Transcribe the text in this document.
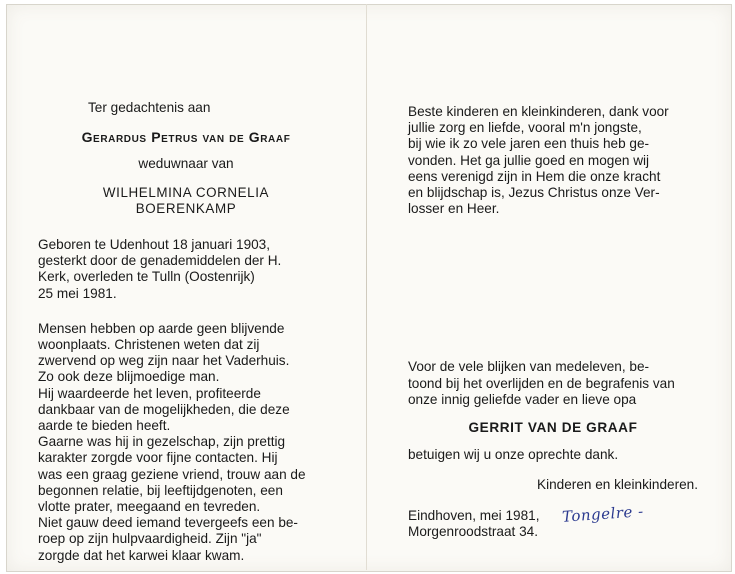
Ter gedachtenis aan

Gerardus Petrus van de Graaf

weduwnaar van

WILHELMINA CORNELIA

BOERENKAMP

Geboren te Udenhout 18 januari 1903,

gesterkt door de genademiddelen der H.

Kerk, overleden te Tulln (Oostenrijk)

25 mei 1981.

Mensen hebben op aarde geen blijvende

woonplaats. Christenen weten dat zij

zwervend op weg zijn naar het Vaderhuis.

Zo ook deze blijmoedige man.

Hij waardeerde het leven, profiteerde

dankbaar van de mogelijkheden, die deze

aarde te bieden heeft.

Gaarne was hij in gezelschap, zijn prettig

karakter zorgde voor fijne contacten. Hij

was een graag geziene vriend, trouw aan de

begonnen relatie, bij leeftijdgenoten, een

vlotte prater, meegaand en tevreden.

Niet gauw deed iemand tevergeefs een be-

roep op zijn hulpvaardigheid. Zijn "ja"

zorgde dat het karwei klaar kwam.

Beste kinderen en kleinkinderen, dank voor

jullie zorg en liefde, vooral m'n jongste,

bij wie ik zo vele jaren een thuis heb ge-

vonden. Het ga jullie goed en mogen wij

eens verenigd zijn in Hem die onze kracht

en blijdschap is, Jezus Christus onze Ver-

losser en Heer.

Voor de vele blijken van medeleven, be-

toond bij het overlijden en de begrafenis van

onze innig geliefde vader en lieve opa

GERRIT VAN DE GRAAF

betuigen wij u onze oprechte dank.

Kinderen en kleinkinderen.

Eindhoven, mei 1981,

Morgenroodstraat 34.

Tongelre -
